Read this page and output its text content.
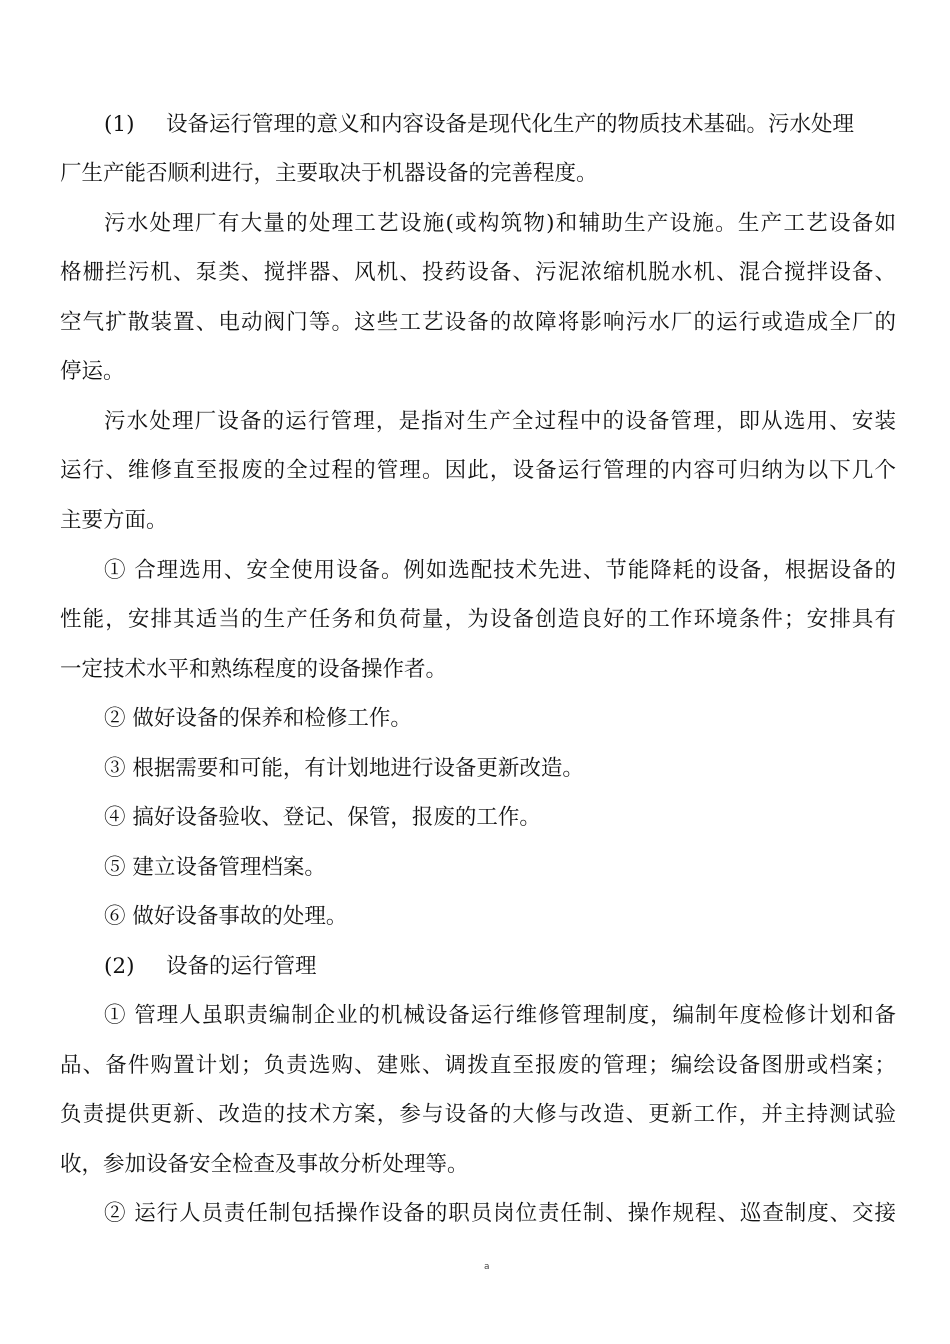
(1) 设备运行管理的意义和内容设备是现代化生产的物质技术基础。污水处理
厂生产能否顺利进行，主要取决于机器设备的完善程度。
污水处理厂有大量的处理工艺设施(或构筑物)和辅助生产设施。生产工艺设备如
格栅拦污机、泵类、搅拌器、风机、投药设备、污泥浓缩机脱水机、混合搅拌设备、
空气扩散装置、电动阀门等。这些工艺设备的故障将影响污水厂的运行或造成全厂的
停运。
污水处理厂设备的运行管理，是指对生产全过程中的设备管理，即从选用、安装
运行、维修直至报废的全过程的管理。因此，设备运行管理的内容可归纳为以下几个
主要方面。
① 合理选用、安全使用设备。例如选配技术先进、节能降耗的设备，根据设备的
性能，安排其适当的生产任务和负荷量，为设备创造良好的工作环境条件；安排具有
一定技术水平和熟练程度的设备操作者。
② 做好设备的保养和检修工作。
③ 根据需要和可能，有计划地进行设备更新改造。
④ 搞好设备验收、登记、保管，报废的工作。
⑤ 建立设备管理档案。
⑥ 做好设备事故的处理。
(2) 设备的运行管理
① 管理人虽职责编制企业的机械设备运行维修管理制度，编制年度检修计划和备
品、备件购置计划；负责选购、建账、调拨直至报废的管理；编绘设备图册或档案；
负责提供更新、改造的技术方案，参与设备的大修与改造、更新工作，并主持测试验
收，参加设备安全检查及事故分析处理等。
② 运行人员责任制包括操作设备的职员岗位责任制、操作规程、巡查制度、交接
a
